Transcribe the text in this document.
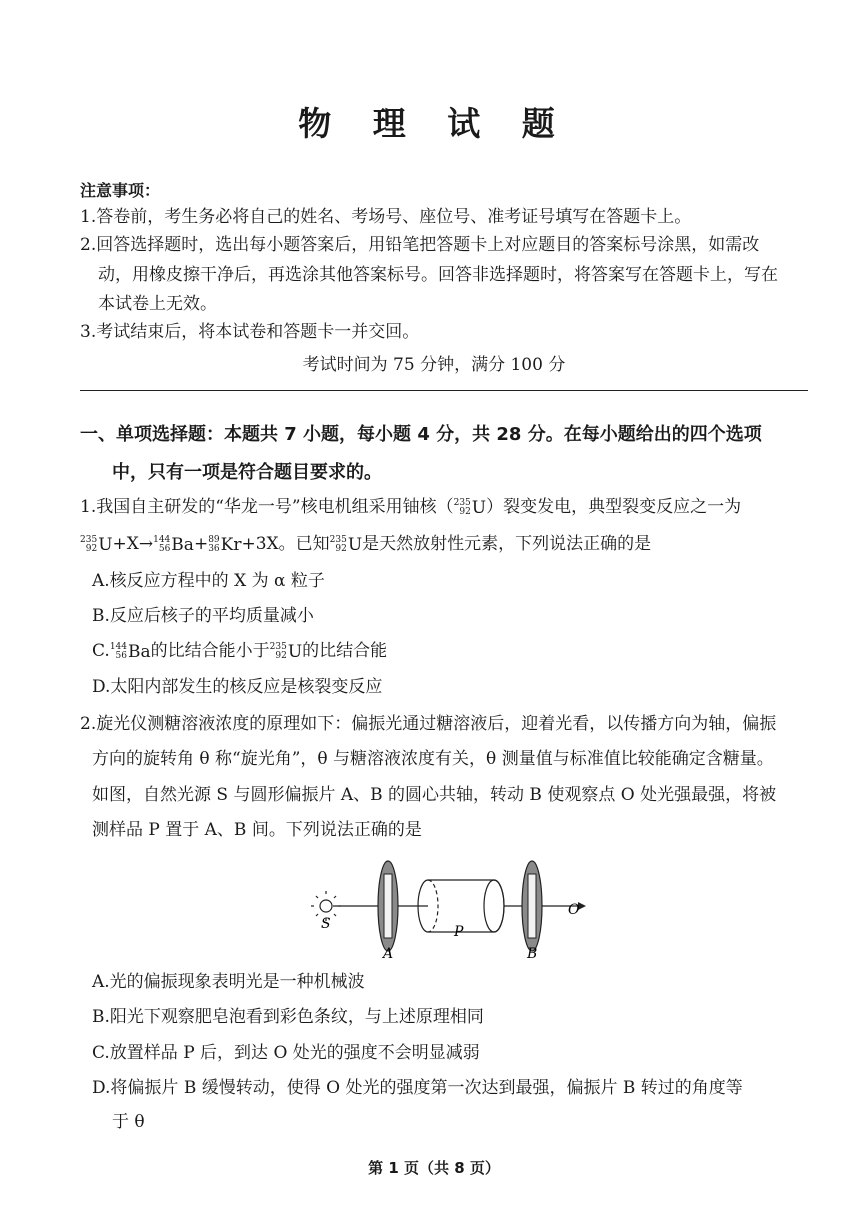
物 理 试 题
注意事项：
1.答卷前，考生务必将自己的姓名、考场号、座位号、准考证号填写在答题卡上。
2.回答选择题时，选出每小题答案后，用铅笔把答题卡上对应题目的答案标号涂黑，如需改
动，用橡皮擦干净后，再选涂其他答案标号。回答非选择题时，将答案写在答题卡上，写在
本试卷上无效。
3.考试结束后，将本试卷和答题卡一并交回。
考试时间为 75 分钟，满分 100 分
一、单项选择题：本题共 7 小题，每小题 4 分，共 28 分。在每小题给出的四个选项
中，只有一项是符合题目要求的。
1.我国自主研发的“华龙一号”核电机组采用铀核（ 235
92 U ）裂变发电，典型裂变反应之一为
235
92 U +X→ 144
56 Ba + 89
36 Kr +3X。已知 235
92 U 是天然放射性元素，下列说法正确的是
A.核反应方程中的 X 为 α 粒子
B.反应后核子的平均质量减小
C. 144
56 Ba 的比结合能小于 235
92 U 的比结合能
D.太阳内部发生的核反应是核裂变反应
2.旋光仪测糖溶液浓度的原理如下：偏振光通过糖溶液后，迎着光看，以传播方向为轴，偏振
方向的旋转角 θ 称“旋光角”，θ 与糖溶液浓度有关，θ 测量值与标准值比较能确定含糖量。
如图，自然光源 S 与圆形偏振片 A、B 的圆心共轴，转动 B 使观察点 O 处光强最强，将被
测样品 P 置于 A、B 间。下列说法正确的是
S
A
P
B
O
A.光的偏振现象表明光是一种机械波
B.阳光下观察肥皂泡看到彩色条纹，与上述原理相同
C.放置样品 P 后，到达 O 处光的强度不会明显减弱
D.将偏振片 B 缓慢转动，使得 O 处光的强度第一次达到最强，偏振片 B 转过的角度等
于 θ
第 1 页（共 8 页）
